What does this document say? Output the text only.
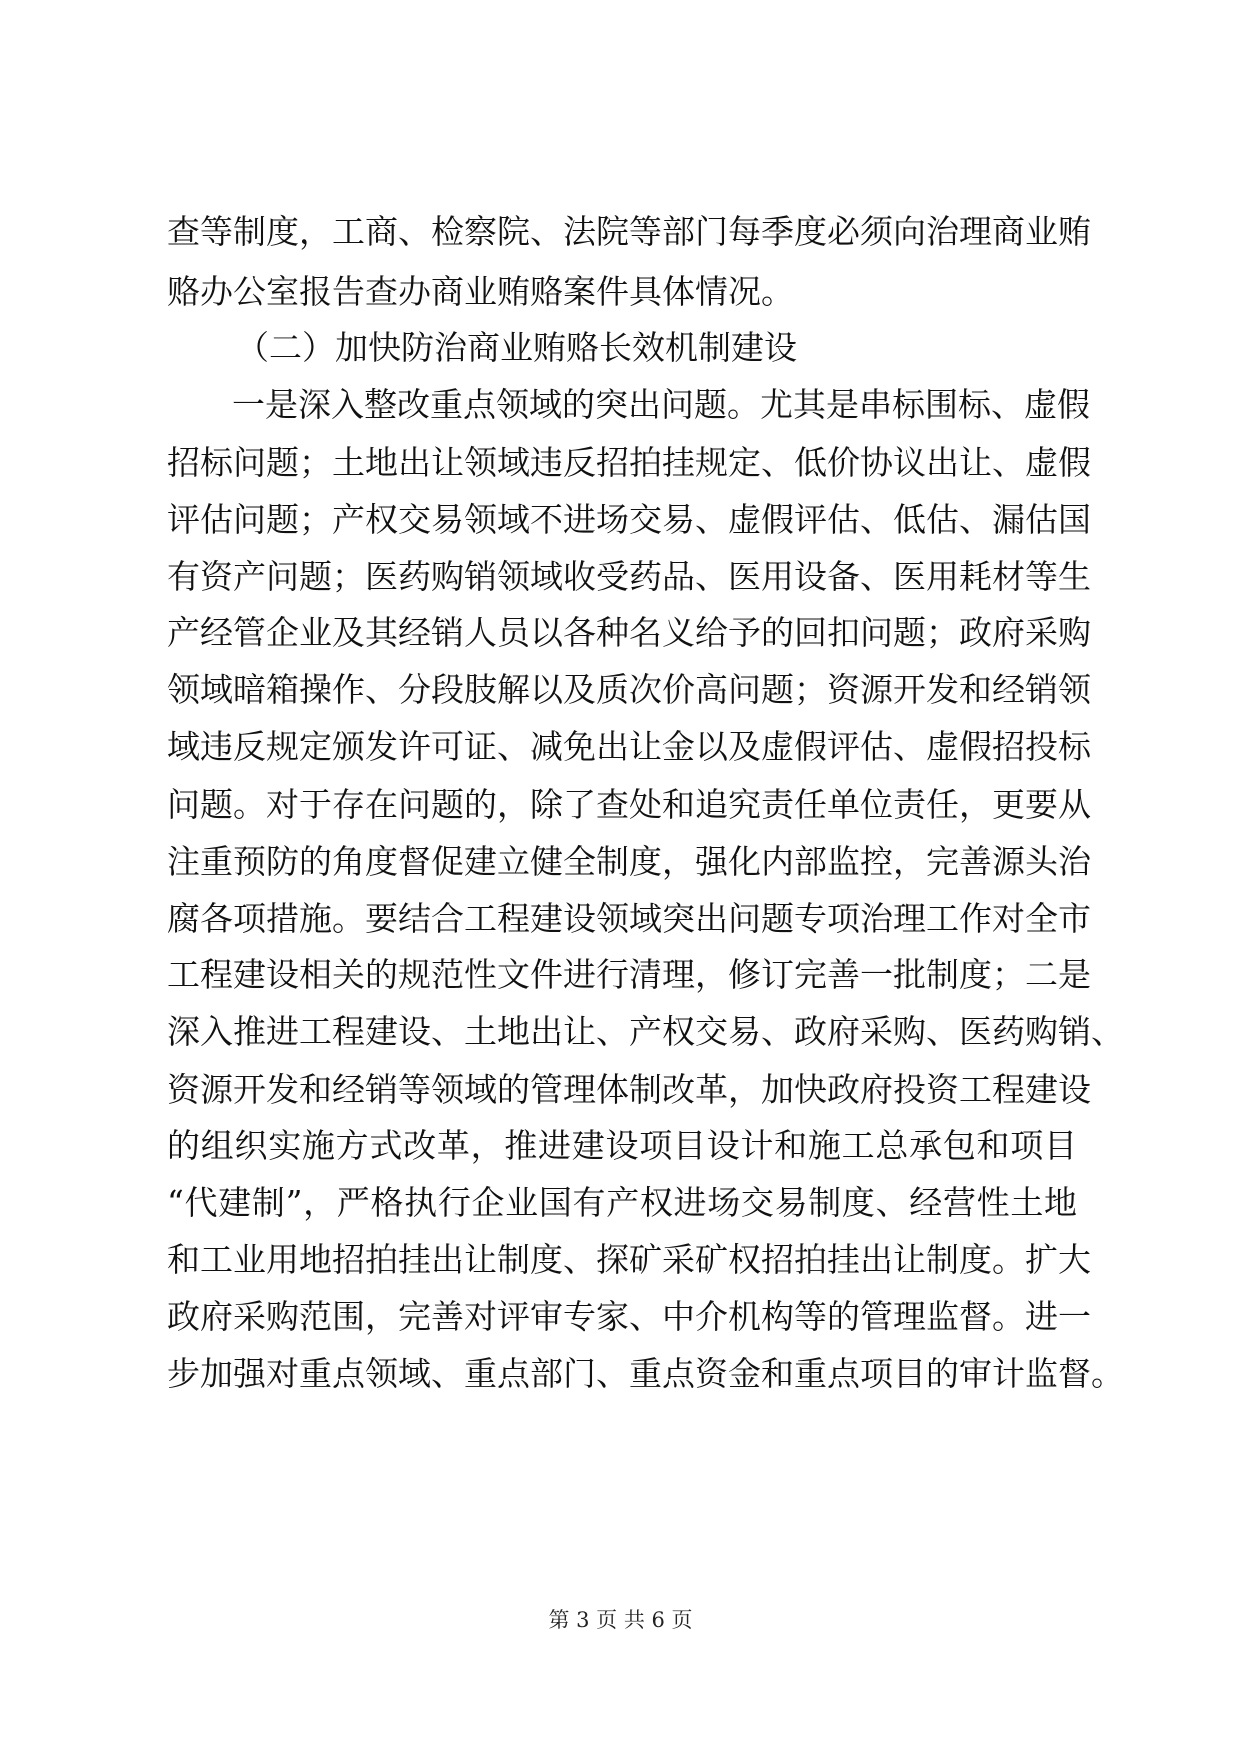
查等制度，工商、检察院、法院等部门每季度必须向治理商业贿
赂办公室报告查办商业贿赂案件具体情况。
（二）加快防治商业贿赂长效机制建设
一是深入整改重点领域的突出问题。尤其是串标围标、虚假
招标问题；土地出让领域违反招拍挂规定、低价协议出让、虚假
评估问题；产权交易领域不进场交易、虚假评估、低估、漏估国
有资产问题；医药购销领域收受药品、医用设备、医用耗材等生
产经管企业及其经销人员以各种名义给予的回扣问题；政府采购
领域暗箱操作、分段肢解以及质次价高问题；资源开发和经销领
域违反规定颁发许可证、减免出让金以及虚假评估、虚假招投标
问题。对于存在问题的，除了查处和追究责任单位责任，更要从
注重预防的角度督促建立健全制度，强化内部监控，完善源头治
腐各项措施。要结合工程建设领域突出问题专项治理工作对全市
工程建设相关的规范性文件进行清理，修订完善一批制度；二是
深入推进工程建设、土地出让、产权交易、政府采购、医药购销、
资源开发和经销等领域的管理体制改革，加快政府投资工程建设
的组织实施方式改革，推进建设项目设计和施工总承包和项目
“代建制”，严格执行企业国有产权进场交易制度、经营性土地
和工业用地招拍挂出让制度、探矿采矿权招拍挂出让制度。扩大
政府采购范围，完善对评审专家、中介机构等的管理监督。进一
步加强对重点领域、重点部门、重点资金和重点项目的审计监督。
第 3 页 共 6 页
